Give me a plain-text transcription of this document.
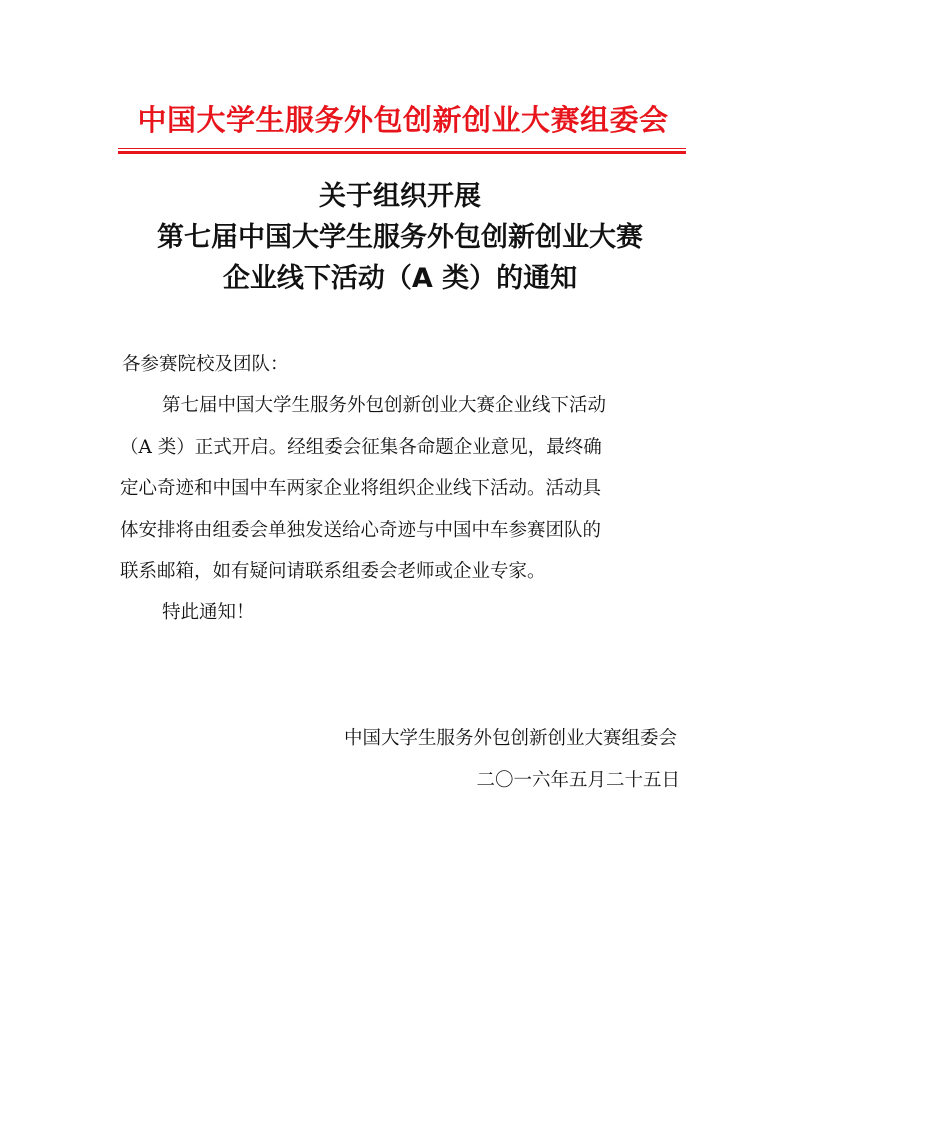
中国大学生服务外包创新创业大赛组委会
关于组织开展
第七届中国大学生服务外包创新创业大赛
企业线下活动（A 类）的通知
各参赛院校及团队：
第七届中国大学生服务外包创新创业大赛企业线下活动
（A 类）正式开启。经组委会征集各命题企业意见，最终确
定心奇迹和中国中车两家企业将组织企业线下活动。活动具
体安排将由组委会单独发送给心奇迹与中国中车参赛团队的
联系邮箱，如有疑问请联系组委会老师或企业专家。
特此通知！
中国大学生服务外包创新创业大赛组委会
二〇一六年五月二十五日
